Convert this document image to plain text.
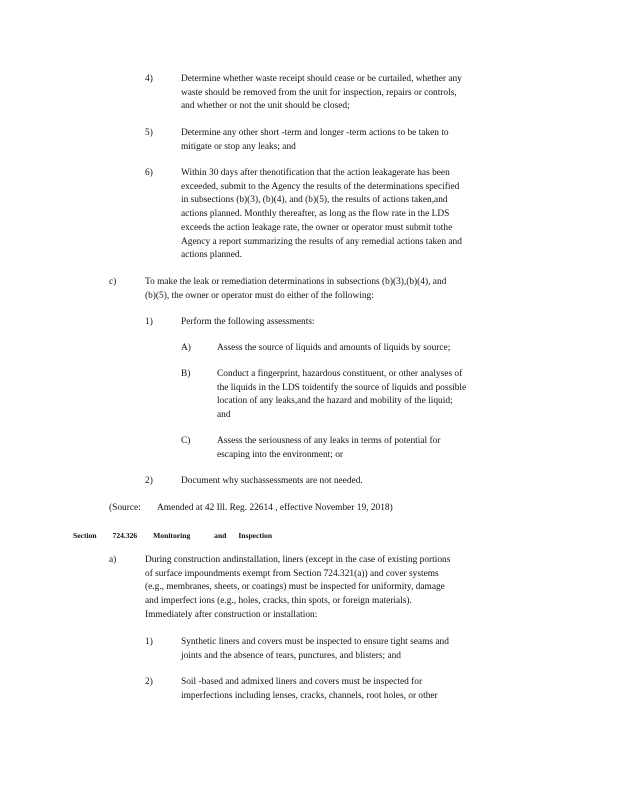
4)	Determine whether waste receipt should cease or be curtailed, whether any
waste should be removed from the unit for inspection, repairs or controls,
and whether or not the unit should be closed;
5)	Determine any other short -term and longer -term actions to be taken to
mitigate or stop any leaks; and
6)	Within 30 days after thenotification that the action leakagerate has been
exceeded, submit to the Agency the results of the determinations specified
in subsections (b)(3), (b)(4), and (b)(5), the results of actions taken,and
actions planned. Monthly thereafter, as long as the flow rate in the LDS
exceeds the action leakage rate, the owner or operator must submit tothe
Agency a report summarizing the results of any remedial actions taken and
actions planned.
c)	To make the leak or remediation determinations in subsections (b)(3),(b)(4), and
(b)(5), the owner or operator must do either of the following:
1)	Perform the following assessments:
A)	Assess the source of liquids and amounts of liquids by source;
B)	Conduct a fingerprint, hazardous constituent, or other analyses of
the liquids in the LDS toidentify the source of liquids and possible
location of any leaks,and the hazard and mobility of the liquid;
and
C)	Assess the seriousness of any leaks in terms of potential for
escaping into the environment; or
2)	Document why suchassessments are not needed.
(Source: Amended at 42 Ill. Reg. 22614 , effective November 19, 2018)
Section 724.326 Monitoring	and Inspection
a)	During construction andinstallation, liners (except in the case of existing portions
of surface impoundments exempt from Section 724.321(a)) and cover systems
(e.g., membranes, sheets, or coatings) must be inspected for uniformity, damage
and imperfect ions (e.g., holes, cracks, thin spots, or foreign materials).
Immediately after construction or installation:
1)	Synthetic liners and covers must be inspected to ensure tight seams and
joints and the absence of tears, punctures, and blisters; and
2)	Soil -based and admixed liners and covers must be inspected for
imperfections including lenses, cracks, channels, root holes, or other
